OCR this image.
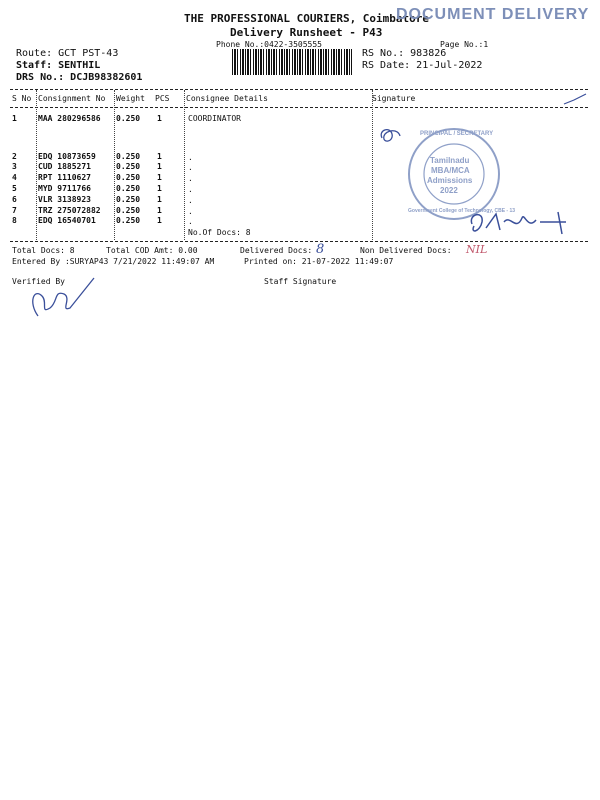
THE PROFESSIONAL COURIERS, Coimbatore
DOCUMENT DELIVERY
Delivery Runsheet - P43
Phone No.:0422-3505555	Page No.:1
Route: GCT PST-43
Staff: SENTHIL
DRS No.: DCJB98382601
RS No.: 983826
RS Date: 21-Jul-2022
S No Consignment No Weight PCS Consignee Details	Signature
1	MAA 280296586 0.250 1	COORDINATOR
2	EDQ 10873659	0.250 1	.
3	CUD 1885271	0.250 1	.
4	RPT 1110627	0.250 1	.
5	MYD 9711766	0.250 1	.
6	VLR 3138923	0.250 1	.
7	TRZ 275072882 0.250 1	.
8	EDQ 16540701	0.250 1	.
No.Of Docs: 8
Tamilnadu
MBA/MCA
Admissions
2022
PRINCIPAL / SECRETARY
Government College of Technology, CBE - 13
Total Docs: 8	Total COD Amt: 0.00	Delivered Docs: 8	Non Delivered Docs: NIL
Entered By :SURYAP43 7/21/2022 11:49:07 AM	Printed on: 21-07-2022 11:49:07
Verified By	Staff Signature
